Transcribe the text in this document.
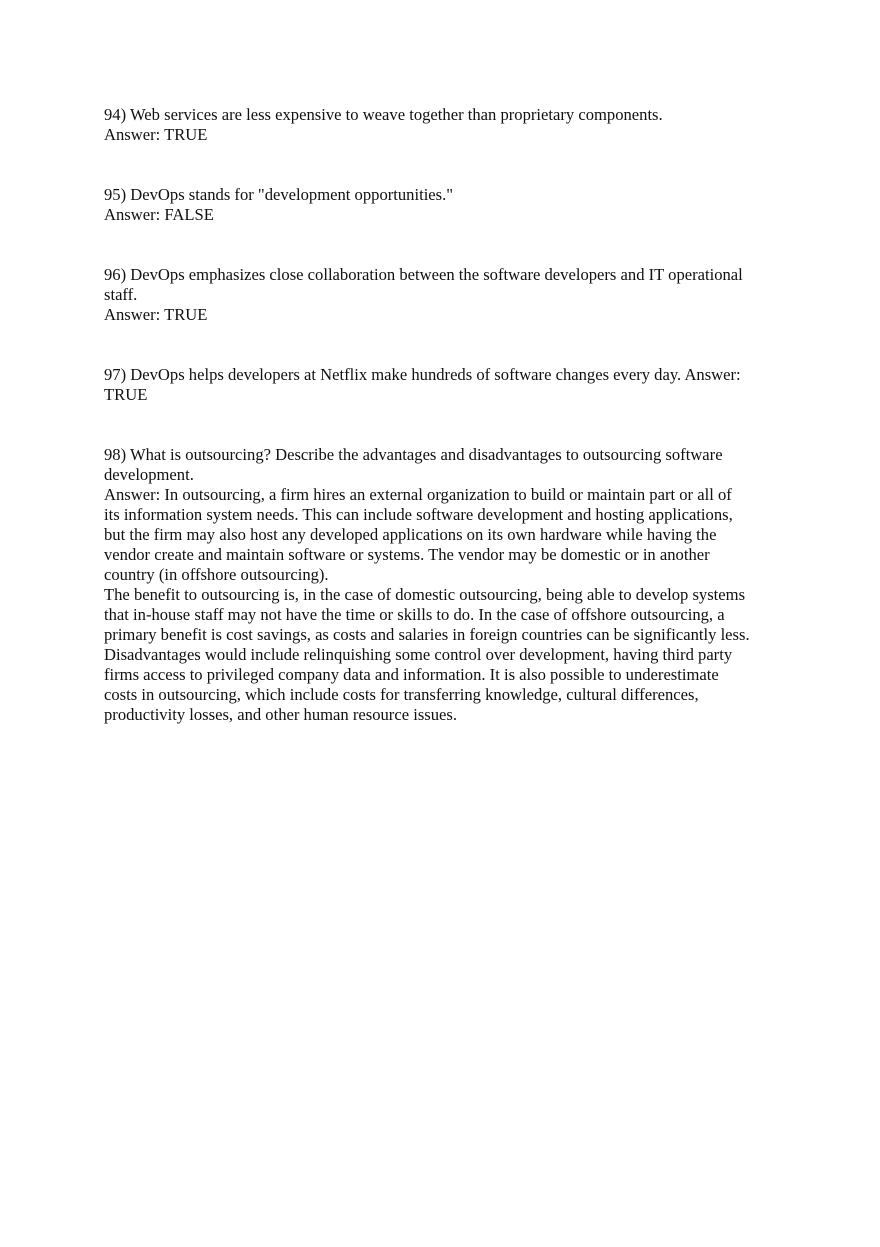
94) Web services are less expensive to weave together than proprietary components.
Answer: TRUE
95) DevOps stands for "development opportunities."
Answer: FALSE
96) DevOps emphasizes close collaboration between the software developers and IT operational
staff.
Answer: TRUE
97) DevOps helps developers at Netflix make hundreds of software changes every day. Answer:
TRUE
98) What is outsourcing? Describe the advantages and disadvantages to outsourcing software
development.
Answer: In outsourcing, a firm hires an external organization to build or maintain part or all of
its information system needs. This can include software development and hosting applications,
but the firm may also host any developed applications on its own hardware while having the
vendor create and maintain software or systems. The vendor may be domestic or in another
country (in offshore outsourcing).
The benefit to outsourcing is, in the case of domestic outsourcing, being able to develop systems
that in-house staff may not have the time or skills to do. In the case of offshore outsourcing, a
primary benefit is cost savings, as costs and salaries in foreign countries can be significantly less.
Disadvantages would include relinquishing some control over development, having third party
firms access to privileged company data and information. It is also possible to underestimate
costs in outsourcing, which include costs for transferring knowledge, cultural differences,
productivity losses, and other human resource issues.
